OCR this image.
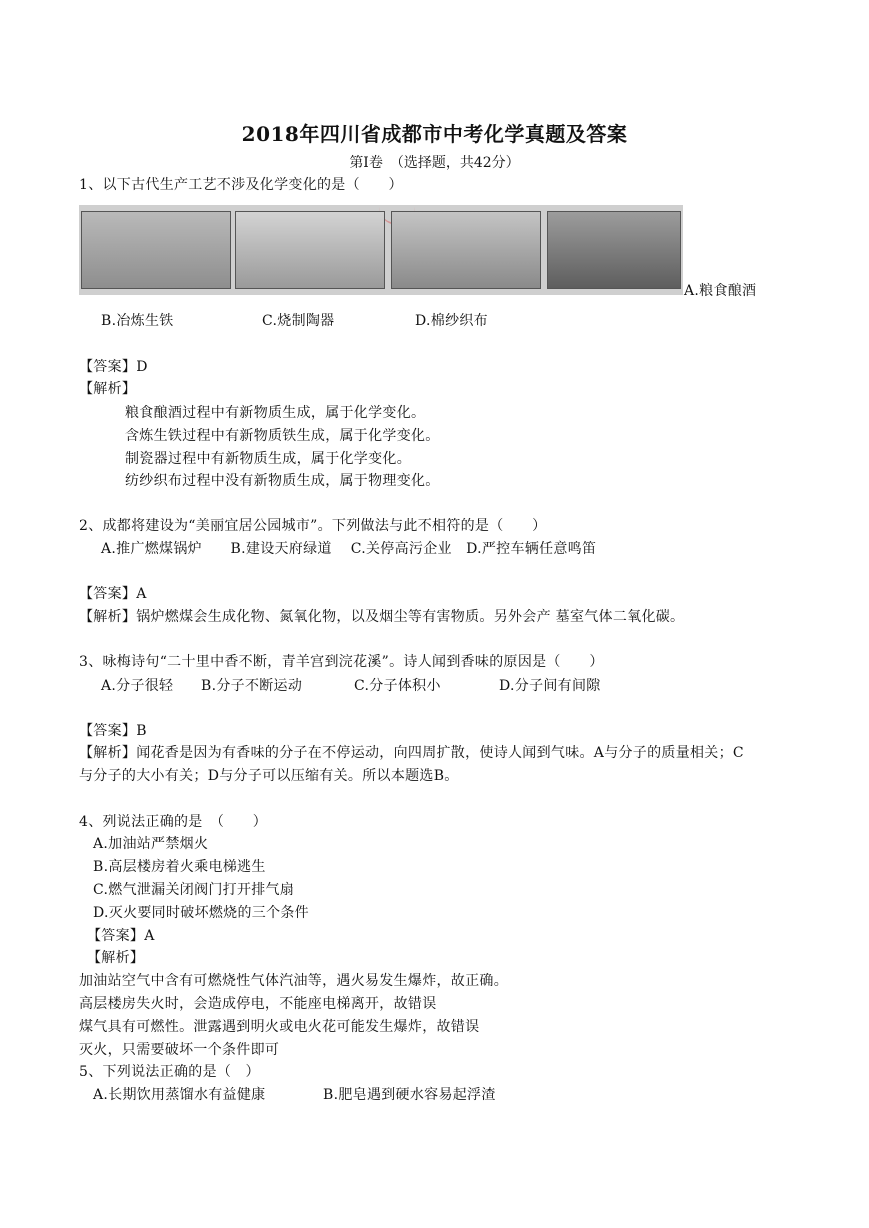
2018年四川省成都市中考化学真题及答案
第Ⅰ卷　（选择题，共42分）
1、以下古代生产工艺不涉及化学变化的是（　　）
A.粮食酿酒
B.冶炼生铁	C.烧制陶器	D.棉纱织布
【答案】D
【解析】
粮食酿酒过程中有新物质生成，属于化学变化。
含炼生铁过程中有新物质铁生成，属于化学变化。
制瓷器过程中有新物质生成，属于化学变化。
纺纱织布过程中没有新物质生成，属于物理变化。
2、成都将建设为“美丽宜居公园城市”。下列做法与此不相符的是（　　）
A.推广燃煤锅炉　　B.建设天府绿道　 C.关停高污企业　D.严控车辆任意鸣笛
【答案】A
【解析】锅炉燃煤会生成化物、氮氧化物，以及烟尘等有害物质。另外会产 墓室气体二氧化碳。
3、咏梅诗句“二十里中香不断，青羊宫到浣花溪”。诗人闻到香味的原因是（　　）
A.分子很轻 B.分子不断运动	C.分子体积小	D.分子间有间隙
【答案】B
【解析】闻花香是因为有香味的分子在不停运动，向四周扩散，使诗人闻到气味。A与分子的质量相关；C
与分子的大小有关；D与分子可以压缩有关。所以本题选B。
4、列说法正确的是　（　　）
A.加油站严禁烟火
B.高层楼房着火乘电梯逃生
C.燃气泄漏关闭阀门打开排气扇
D.灭火要同时破坏燃烧的三个条件
【答案】A
【解析】
加油站空气中含有可燃烧性气体汽油等，遇火易发生爆炸，故正确。
高层楼房失火时，会造成停电，不能座电梯离开，故错误
煤气具有可燃性。泄露遇到明火或电火花可能发生爆炸，故错误
灭火，只需要破坏一个条件即可
5、下列说法正确的是（　）
A.长期饮用蒸馏水有益健康	B.肥皂遇到硬水容易起浮渣
